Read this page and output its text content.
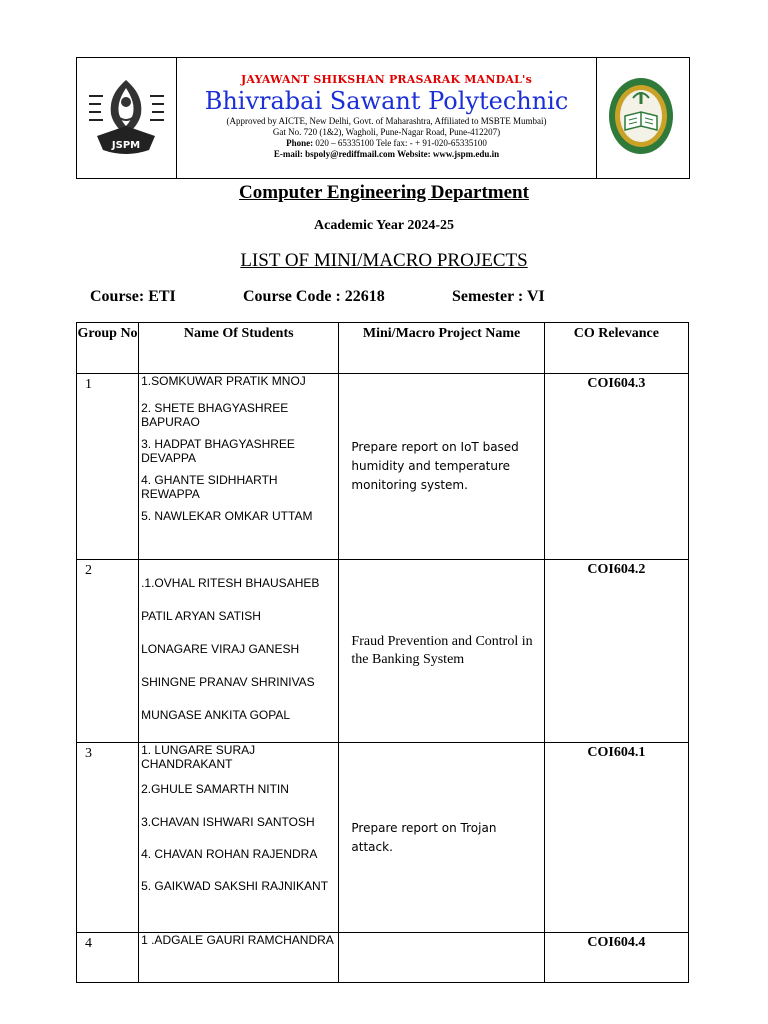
JSPM
JAYAWANT SHIKSHAN PRASARAK MANDAL's
Bhivrabai Sawant Polytechnic
(Approved by AICTE, New Delhi, Govt. of Maharashtra, Affiliated to MSBTE Mumbai)
Gat No. 720 (1&2), Wagholi, Pune-Nagar Road, Pune-412207)
Phone: 020 – 65335100 Tele fax: - + 91-020-65335100
E-mail: bspoly@rediffmail.com Website: www.jspm.edu.in
Computer Engineering Department
Academic Year 2024-25
LIST OF MINI/MACRO PROJECTS
Course: ETI	Course Code : 22618	Semester : VI
Group No	Name Of Students	Mini/Macro Project Name	CO Relevance
1	1.SOMKUWAR PRATIK MNOJ
2. SHETE BHAGYASHREE BAPURAO
3. HADPAT BHAGYASHREE DEVAPPA
4. GHANTE SIDHHARTH REWAPPA
5. NAWLEKAR OMKAR UTTAM	Prepare report on IoT based humidity and temperature monitoring system.	COI604.3
2	.1.OVHAL RITESH BHAUSAHEB
PATIL ARYAN SATISH
LONAGARE VIRAJ GANESH
SHINGNE PRANAV SHRINIVAS
MUNGASE ANKITA GOPAL	Fraud Prevention and Control in the Banking System	COI604.2
3	1. LUNGARE SURAJ CHANDRAKANT
2.GHULE SAMARTH NITIN
3.CHAVAN ISHWARI SANTOSH
4. CHAVAN ROHAN RAJENDRA
5. GAIKWAD SAKSHI RAJNIKANT	Prepare report on Trojan attack.	COI604.1
4	1 .ADGALE GAURI RAMCHANDRA		COI604.4
